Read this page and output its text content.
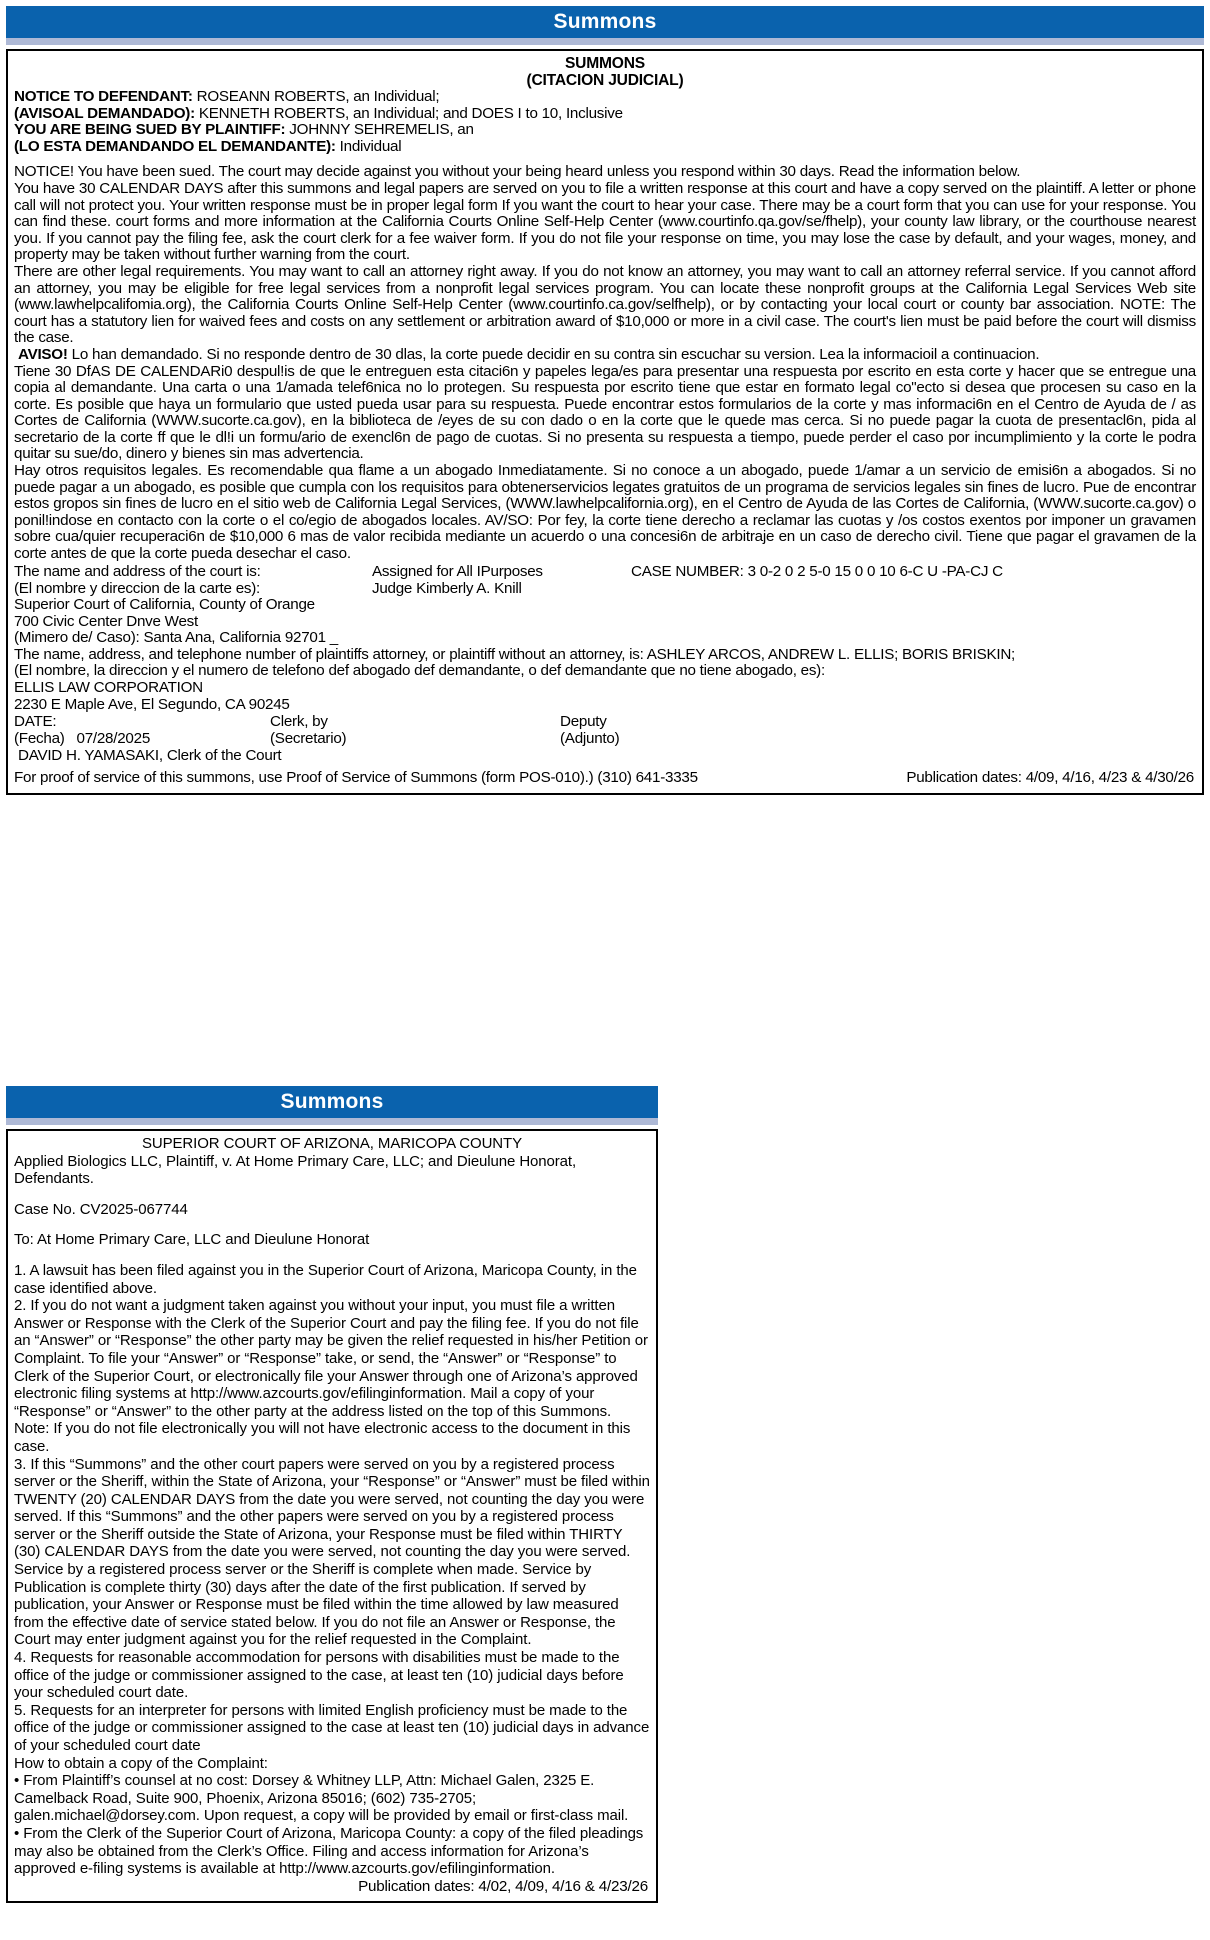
Summons
SUMMONS
(CITACION JUDICIAL)
NOTICE TO DEFENDANT: ROSEANN ROBERTS, an Individual;
(AVISOAL DEMANDADO): KENNETH ROBERTS, an Individual; and DOES I to 10, Inclusive
YOU ARE BEING SUED BY PLAINTIFF: JOHNNY SEHREMELIS, an
(LO ESTA DEMANDANDO EL DEMANDANTE): Individual
NOTICE! You have been sued. The court may decide against you without your being heard unless you respond within 30 days. Read the information below.
You have 30 CALENDAR DAYS after this summons and legal papers are served on you to file a written response at this court and have a copy served on the plaintiff. A letter or phone call will not protect you. Your written response must be in proper legal form If you want the court to hear your case. There may be a court form that you can use for your response. You can find these. court forms and more information at the California Courts Online Self-Help Center (www.courtinfo.qa.gov/se/fhelp), your county law library, or the courthouse nearest you. If you cannot pay the filing fee, ask the court clerk for a fee waiver form. If you do not file your response on time, you may lose the case by default, and your wages, money, and property may be taken without further warning from the court.
There are other legal requirements. You may want to call an attorney right away. If you do not know an attorney, you may want to call an attorney referral service. If you cannot afford an attorney, you may be eligible for free legal services from a nonprofit legal services program. You can locate these nonprofit groups at the California Legal Services Web site (www.lawhelpcalifomia.org), the California Courts Online Self-Help Center (www.courtinfo.ca.gov/selfhelp), or by contacting your local court or county bar association. NOTE: The court has a statutory lien for waived fees and costs on any settlement or arbitration award of $10,000 or more in a civil case. The court's lien must be paid before the court will dismiss the case.
AVISO! Lo han demandado. Si no responde dentro de 30 dlas, la corte puede decidir en su contra sin escuchar su version. Lea la informacioil a continuacion.
Tiene 30 DfAS DE CALENDARi0 despul!is de que le entreguen esta citaci6n y papeles lega/es para presentar una respuesta por escrito en esta corte y hacer que se entregue una copia al demandante. Una carta o una 1/amada telef6nica no lo protegen. Su respuesta por escrito tiene que estar en formato legal co"ecto si desea que procesen su caso en la corte. Es posible que haya un formulario que usted pueda usar para su respuesta. Puede encontrar estos formularios de la corte y mas informaci6n en el Centro de Ayuda de / as Cortes de California (WWW.sucorte.ca.gov), en la biblioteca de /eyes de su con dado o en la corte que le quede mas cerca. Si no puede pagar la cuota de presentacl6n, pida al secretario de la corte ff que le dl!i un formu/ario de exencl6n de pago de cuotas. Si no presenta su respuesta a tiempo, puede perder el caso por incumplimiento y la corte le podra quitar su sue/do, dinero y bienes sin mas advertencia.
Hay otros requisitos legales. Es recomendable qua flame a un abogado Inmediatamente. Si no conoce a un abogado, puede 1/amar a un servicio de emisi6n a abogados. Si no puede pagar a un abogado, es posible que cumpla con los requisitos para obtenerservicios legates gratuitos de un programa de servicios legales sin fines de lucro. Pue de encontrar estos gropos sin fines de lucro en el sitio web de California Legal Services, (WWW.lawhelpcalifornia.org), en el Centro de Ayuda de las Cortes de California, (WWW.sucorte.ca.gov) o ponil!indose en contacto con la corte o el co/egio de abogados locales. AV/SO: Por fey, la corte tiene derecho a reclamar las cuotas y /os costos exentos por imponer un gravamen sobre cua/quier recuperaci6n de $10,000 6 mas de valor recibida mediante un acuerdo o una concesi6n de arbitraje en un caso de derecho civil. Tiene que pagar el gravamen de la corte antes de que la corte pueda desechar el caso.
The name and address of the court is:	Assigned for All IPurposes	CASE NUMBER: 3 0-2 0 2 5-0 15 0 0 10 6-C U -PA-CJ C
(El nombre y direccion de la carte es):	Judge Kimberly A. Knill
Superior Court of California, County of Orange
700 Civic Center Dnve West
(Mimero de/ Caso): Santa Ana, California 92701 _
The name, address, and telephone number of plaintiffs attorney, or plaintiff without an attorney, is: ASHLEY ARCOS, ANDREW L. ELLIS; BORIS BRISKIN;
(El nombre, la direccion y el numero de telefono def abogado def demandante, o def demandante que no tiene abogado, es):
ELLIS LAW CORPORATION
2230 E Maple Ave, El Segundo, CA 90245
DATE:	Clerk, by	Deputy
(Fecha) 07/28/2025	(Secretario)	(Adjunto)
DAVID H. YAMASAKI, Clerk of the Court
For proof of service of this summons, use Proof of Service of Summons (form POS-010).) (310) 641-3335	Publication dates: 4/09, 4/16, 4/23 & 4/30/26
Summons
SUPERIOR COURT OF ARIZONA, MARICOPA COUNTY
Applied Biologics LLC, Plaintiff, v. At Home Primary Care, LLC; and Dieulune Honorat, Defendants.
Case No. CV2025-067744
To: At Home Primary Care, LLC and Dieulune Honorat
1. A lawsuit has been filed against you in the Superior Court of Arizona, Maricopa County, in the case identified above.
2. If you do not want a judgment taken against you without your input, you must file a written Answer or Response with the Clerk of the Superior Court and pay the filing fee. If you do not file an “Answer” or “Response” the other party may be given the relief requested in his/her Petition or Complaint. To file your “Answer” or “Response” take, or send, the “Answer” or “Response” to Clerk of the Superior Court, or electronically file your Answer through one of Arizona’s approved electronic filing systems at http://www.azcourts.gov/efilinginformation. Mail a copy of your “Response” or “Answer” to the other party at the address listed on the top of this Summons. Note: If you do not file electronically you will not have electronic access to the document in this case.
3. If this “Summons” and the other court papers were served on you by a registered process server or the Sheriff, within the State of Arizona, your “Response” or “Answer” must be filed within TWENTY (20) CALENDAR DAYS from the date you were served, not counting the day you were served. If this “Summons” and the other papers were served on you by a registered process server or the Sheriff outside the State of Arizona, your Response must be filed within THIRTY (30) CALENDAR DAYS from the date you were served, not counting the day you were served. Service by a registered process server or the Sheriff is complete when made. Service by Publication is complete thirty (30) days after the date of the first publication. If served by publication, your Answer or Response must be filed within the time allowed by law measured from the effective date of service stated below. If you do not file an Answer or Response, the Court may enter judgment against you for the relief requested in the Complaint.
4. Requests for reasonable accommodation for persons with disabilities must be made to the office of the judge or commissioner assigned to the case, at least ten (10) judicial days before your scheduled court date.
5. Requests for an interpreter for persons with limited English proficiency must be made to the office of the judge or commissioner assigned to the case at least ten (10) judicial days in advance of your scheduled court date
How to obtain a copy of the Complaint:
• From Plaintiff’s counsel at no cost: Dorsey & Whitney LLP, Attn: Michael Galen, 2325 E. Camelback Road, Suite 900, Phoenix, Arizona 85016; (602) 735-2705; galen.michael@dorsey.com. Upon request, a copy will be provided by email or first-class mail.
• From the Clerk of the Superior Court of Arizona, Maricopa County: a copy of the filed pleadings may also be obtained from the Clerk’s Office. Filing and access information for Arizona’s approved e-filing systems is available at http://www.azcourts.gov/efilinginformation.
Publication dates: 4/02, 4/09, 4/16 & 4/23/26
